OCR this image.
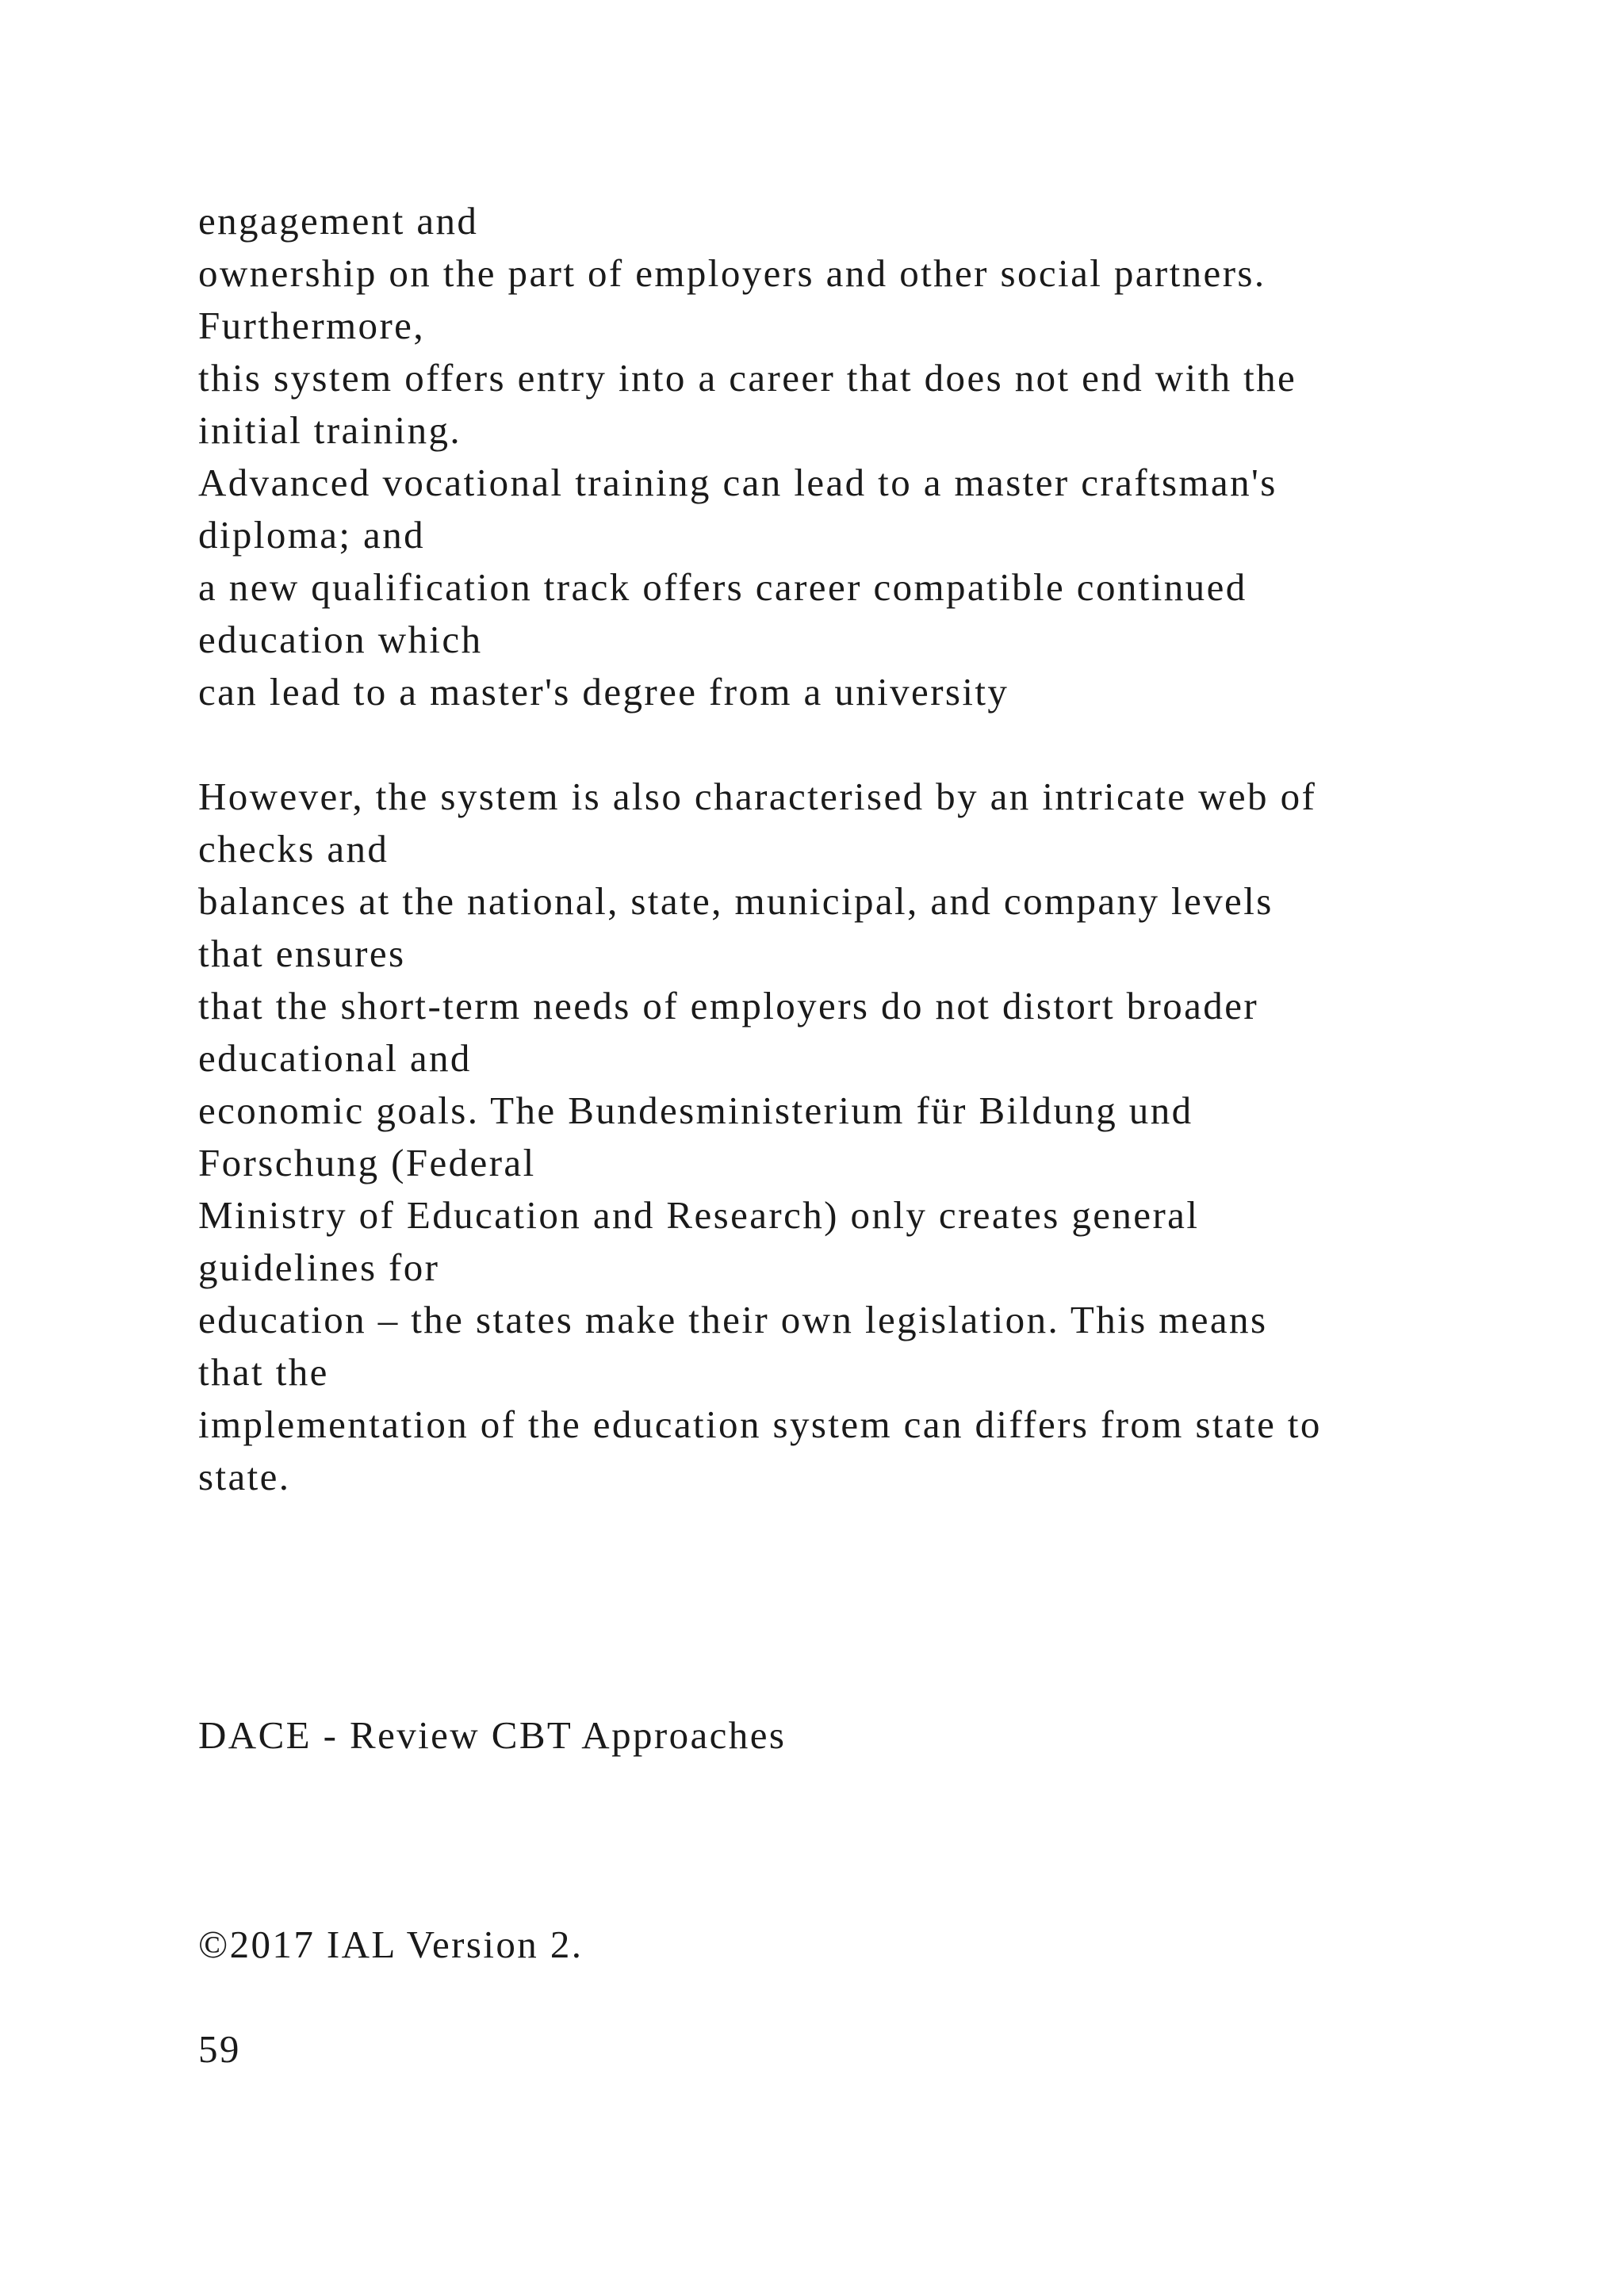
engagement and
ownership on the part of employers and other social partners.
Furthermore,
this system offers entry into a career that does not end with the
initial training.
Advanced vocational training can lead to a master craftsman's
diploma; and
a new qualification track offers career compatible continued
education which
can lead to a master's degree from a university
However, the system is also characterised by an intricate web of
checks and
balances at the national, state, municipal, and company levels
that ensures
that the short-term needs of employers do not distort broader
educational and
economic goals. The Bundesministerium für Bildung und
Forschung (Federal
Ministry of Education and Research) only creates general
guidelines for
education – the states make their own legislation. This means
that the
implementation of the education system can differs from state to
state.
DACE - Review CBT Approaches
©2017 IAL Version 2.
59
